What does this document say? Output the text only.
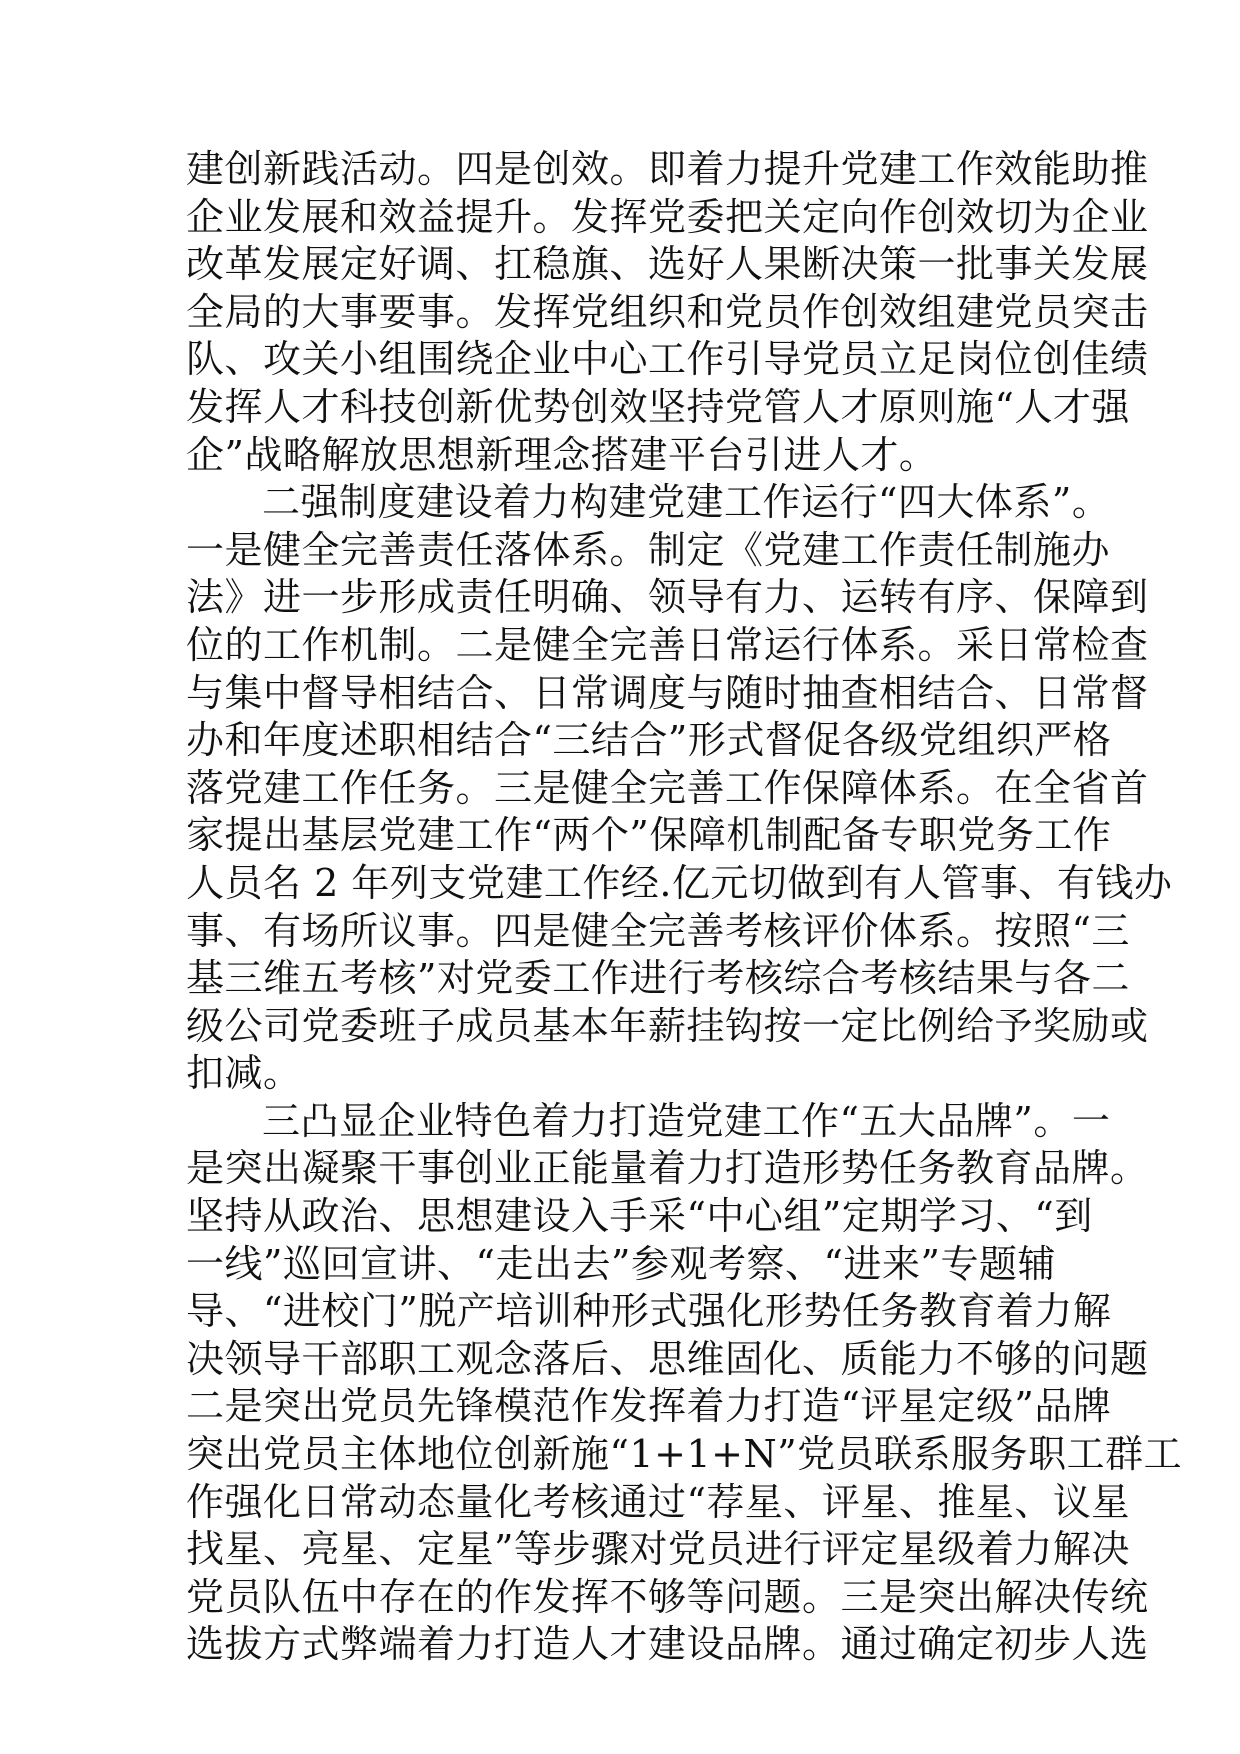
建创新践活动。四是创效。即着力提升党建工作效能助推
企业发展和效益提升。发挥党委把关定向作创效切为企业
改革发展定好调、扛稳旗、选好人果断决策一批事关发展
全局的大事要事。发挥党组织和党员作创效组建党员突击
队、攻关小组围绕企业中心工作引导党员立足岗位创佳绩
发挥人才科技创新优势创效坚持党管人才原则施“人才强
企”战略解放思想新理念搭建平台引进人才。
二强制度建设着力构建党建工作运行“四大体系”。
一是健全完善责任落体系。制定《党建工作责任制施办
法》进一步形成责任明确、领导有力、运转有序、保障到
位的工作机制。二是健全完善日常运行体系。采日常检查
与集中督导相结合、日常调度与随时抽查相结合、日常督
办和年度述职相结合“三结合”形式督促各级党组织严格
落党建工作任务。三是健全完善工作保障体系。在全省首
家提出基层党建工作“两个”保障机制配备专职党务工作
人员名 2 年列支党建工作经.亿元切做到有人管事、有钱办
事、有场所议事。四是健全完善考核评价体系。按照“三
基三维五考核”对党委工作进行考核综合考核结果与各二
级公司党委班子成员基本年薪挂钩按一定比例给予奖励或
扣减。
三凸显企业特色着力打造党建工作“五大品牌”。一
是突出凝聚干事创业正能量着力打造形势任务教育品牌。
坚持从政治、思想建设入手采“中心组”定期学习、“到
一线”巡回宣讲、“走出去”参观考察、“进来”专题辅
导、“进校门”脱产培训种形式强化形势任务教育着力解
决领导干部职工观念落后、思维固化、质能力不够的问题
二是突出党员先锋模范作发挥着力打造“评星定级”品牌
突出党员主体地位创新施“1+1+N”党员联系服务职工群工
作强化日常动态量化考核通过“荐星、评星、推星、议星
找星、亮星、定星”等步骤对党员进行评定星级着力解决
党员队伍中存在的作发挥不够等问题。三是突出解决传统
选拔方式弊端着力打造人才建设品牌。通过确定初步人选
